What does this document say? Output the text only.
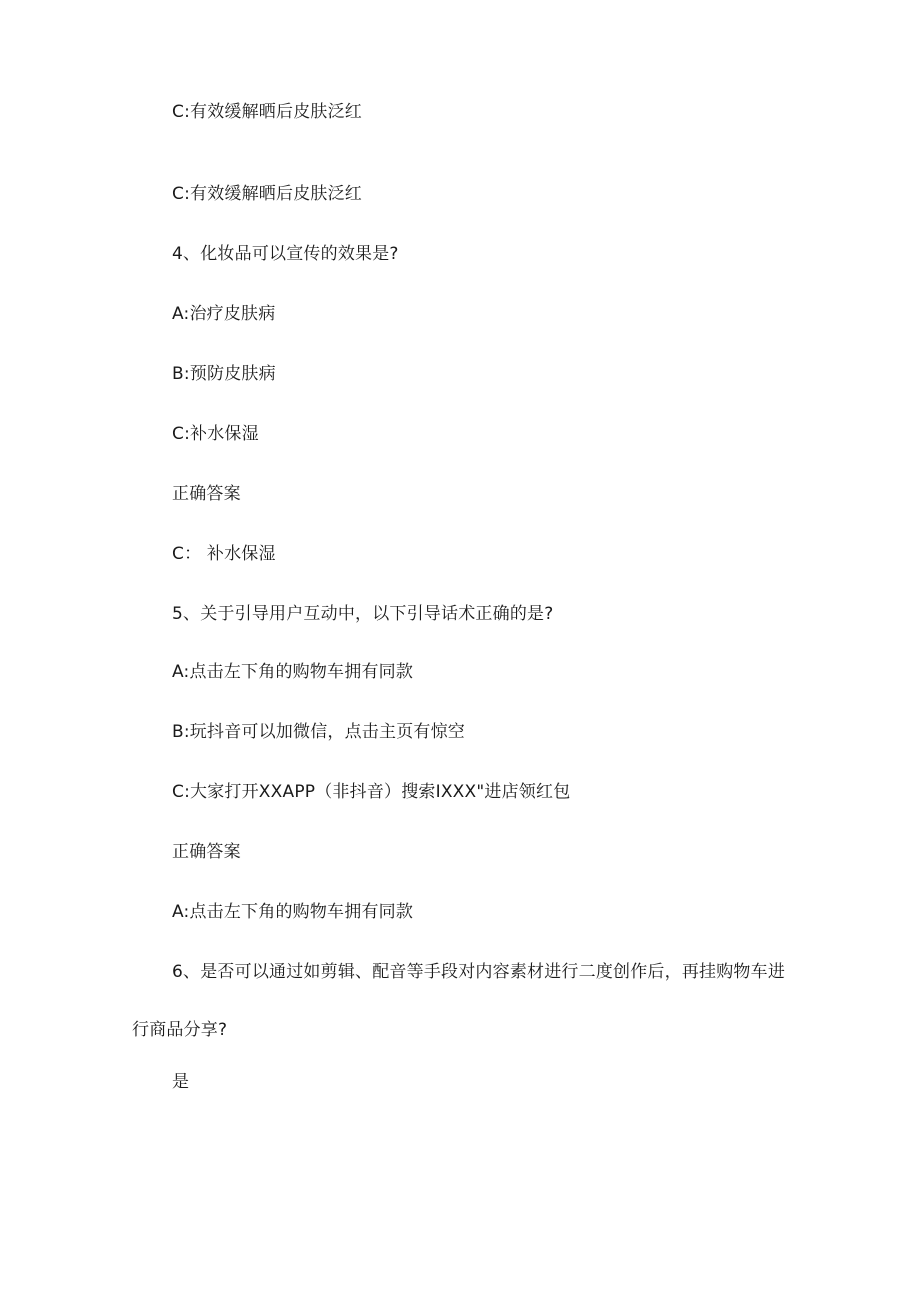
C:有效缓解晒后皮肤泛红
C:有效缓解晒后皮肤泛红
4、化妆品可以宣传的效果是?
A:治疗皮肤病
B:预防皮肤病
C:补水保湿
正确答案
C： 补水保湿
5、关于引导用户互动中，以下引导话术正确的是?
A:点击左下角的购物车拥有同款
B:玩抖音可以加微信，点击主页有惊空
C:大家打开XXAPP（非抖音）搜索IXXX"进店领红包
正确答案
A:点击左下角的购物车拥有同款
6、是否可以通过如剪辑、配音等手段对内容素材进行二度创作后，再挂购物车进
行商品分享?
是
